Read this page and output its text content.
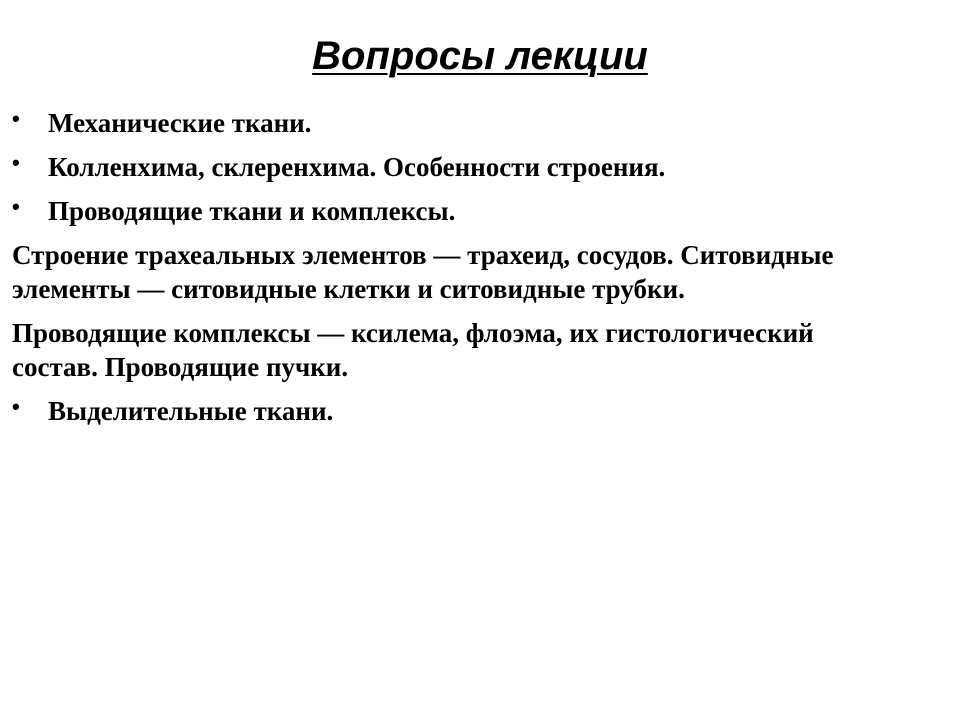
Вопросы лекции
• Механические ткани.
• Колленхима, склеренхима. Особенности строения.
• Проводящие ткани и комплексы.

Строение трахеальных элементов — трахеид, сосудов. Ситовидные элементы — ситовидные клетки и ситовидные трубки.

Проводящие комплексы — ксилема, флоэма, их гистологический состав. Проводящие пучки.

• Выделительные ткани.
